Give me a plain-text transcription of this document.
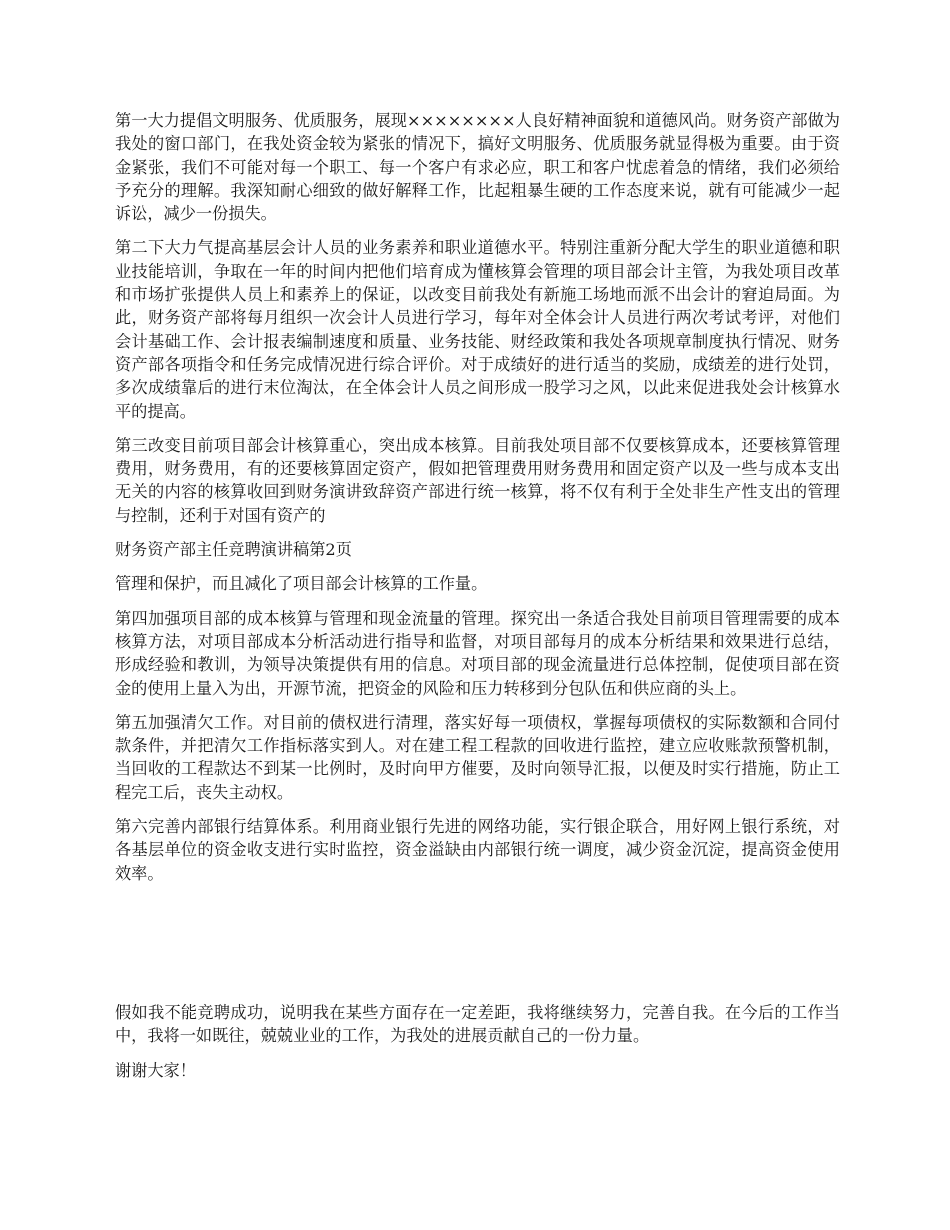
第一大力提倡文明服务、优质服务，展现××××××××人良好精神面貌和道德风尚。财务资产部做为我处的窗口部门，在我处资金较为紧张的情况下，搞好文明服务、优质服务就显得极为重要。由于资金紧张，我们不可能对每一个职工、每一个客户有求必应，职工和客户忧虑着急的情绪，我们必须给予充分的理解。我深知耐心细致的做好解释工作，比起粗暴生硬的工作态度来说，就有可能减少一起诉讼，减少一份损失。

第二下大力气提高基层会计人员的业务素养和职业道德水平。特别注重新分配大学生的职业道德和职业技能培训，争取在一年的时间内把他们培育成为懂核算会管理的项目部会计主管，为我处项目改革和市场扩张提供人员上和素养上的保证，以改变目前我处有新施工场地而派不出会计的窘迫局面。为此，财务资产部将每月组织一次会计人员进行学习，每年对全体会计人员进行两次考试考评，对他们会计基础工作、会计报表编制速度和质量、业务技能、财经政策和我处各项规章制度执行情况、财务资产部各项指令和任务完成情况进行综合评价。对于成绩好的进行适当的奖励，成绩差的进行处罚，多次成绩靠后的进行末位淘汰，在全体会计人员之间形成一股学习之风，以此来促进我处会计核算水平的提高。

第三改变目前项目部会计核算重心，突出成本核算。目前我处项目部不仅要核算成本，还要核算管理费用，财务费用，有的还要核算固定资产，假如把管理费用财务费用和固定资产以及一些与成本支出无关的内容的核算收回到财务演讲致辞资产部进行统一核算，将不仅有利于全处非生产性支出的管理与控制，还利于对国有资产的

财务资产部主任竞聘演讲稿第2页

管理和保护，而且减化了项目部会计核算的工作量。

第四加强项目部的成本核算与管理和现金流量的管理。探究出一条适合我处目前项目管理需要的成本核算方法，对项目部成本分析活动进行指导和监督，对项目部每月的成本分析结果和效果进行总结，形成经验和教训，为领导决策提供有用的信息。对项目部的现金流量进行总体控制，促使项目部在资金的使用上量入为出，开源节流，把资金的风险和压力转移到分包队伍和供应商的头上。

第五加强清欠工作。对目前的债权进行清理，落实好每一项债权，掌握每项债权的实际数额和合同付款条件，并把清欠工作指标落实到人。对在建工程工程款的回收进行监控，建立应收账款预警机制，当回收的工程款达不到某一比例时，及时向甲方催要，及时向领导汇报，以便及时实行措施，防止工程完工后，丧失主动权。

第六完善内部银行结算体系。利用商业银行先进的网络功能，实行银企联合，用好网上银行系统，对各基层单位的资金收支进行实时监控，资金溢缺由内部银行统一调度，减少资金沉淀，提高资金使用效率。

假如我不能竞聘成功，说明我在某些方面存在一定差距，我将继续努力，完善自我。在今后的工作当中，我将一如既往，兢兢业业的工作，为我处的进展贡献自己的一份力量。

谢谢大家！
